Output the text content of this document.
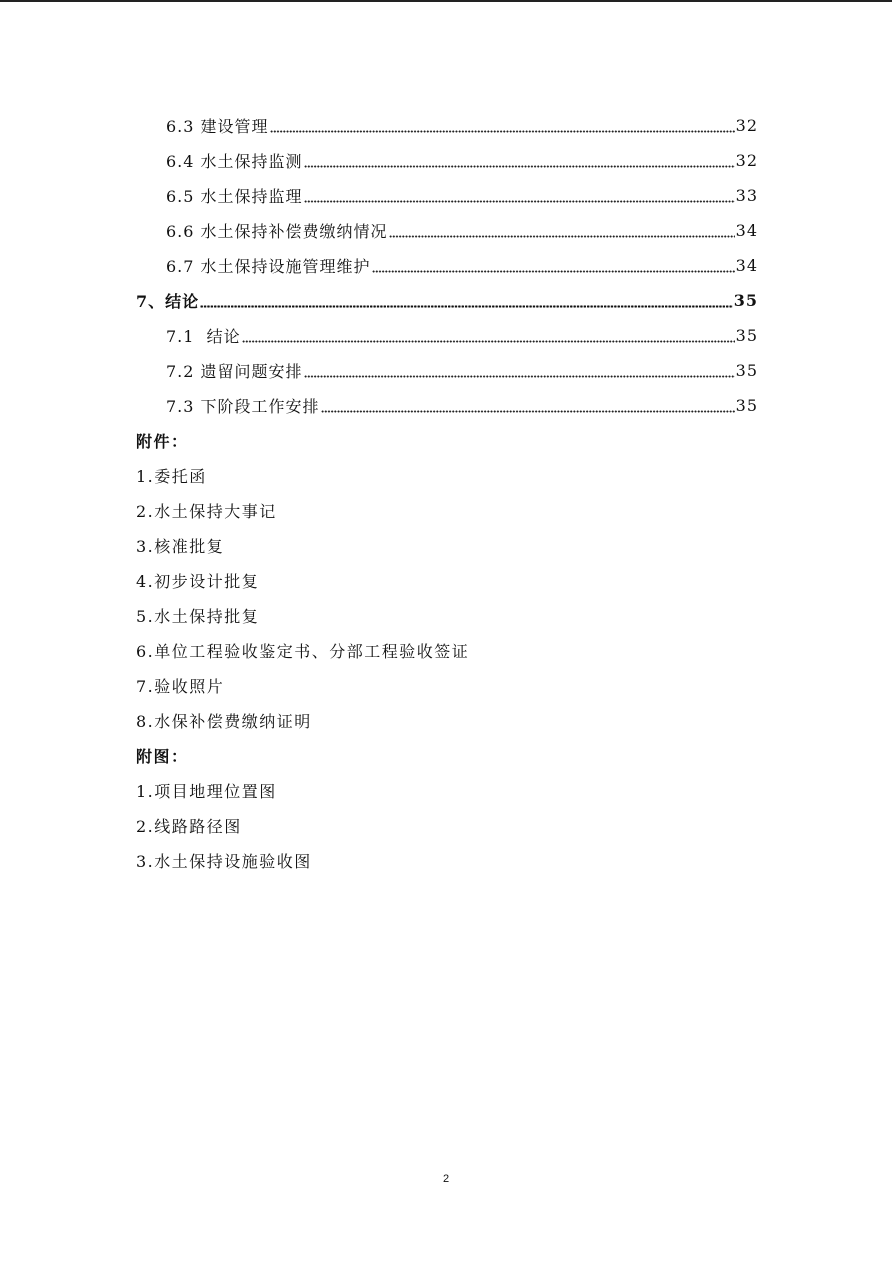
6.3 建设管理	32
6.4 水土保持监测	32
6.5 水土保持监理	33
6.6 水土保持补偿费缴纳情况	34
6.7 水土保持设施管理维护	34
7、结论	35
7.1  结论	35
7.2 遗留问题安排	35
7.3 下阶段工作安排	35
附件：
1.委托函
2.水土保持大事记
3.核准批复
4.初步设计批复
5.水土保持批复
6.单位工程验收鉴定书、分部工程验收签证
7.验收照片
8.水保补偿费缴纳证明
附图：
1.项目地理位置图
2.线路路径图
3.水土保持设施验收图
2
